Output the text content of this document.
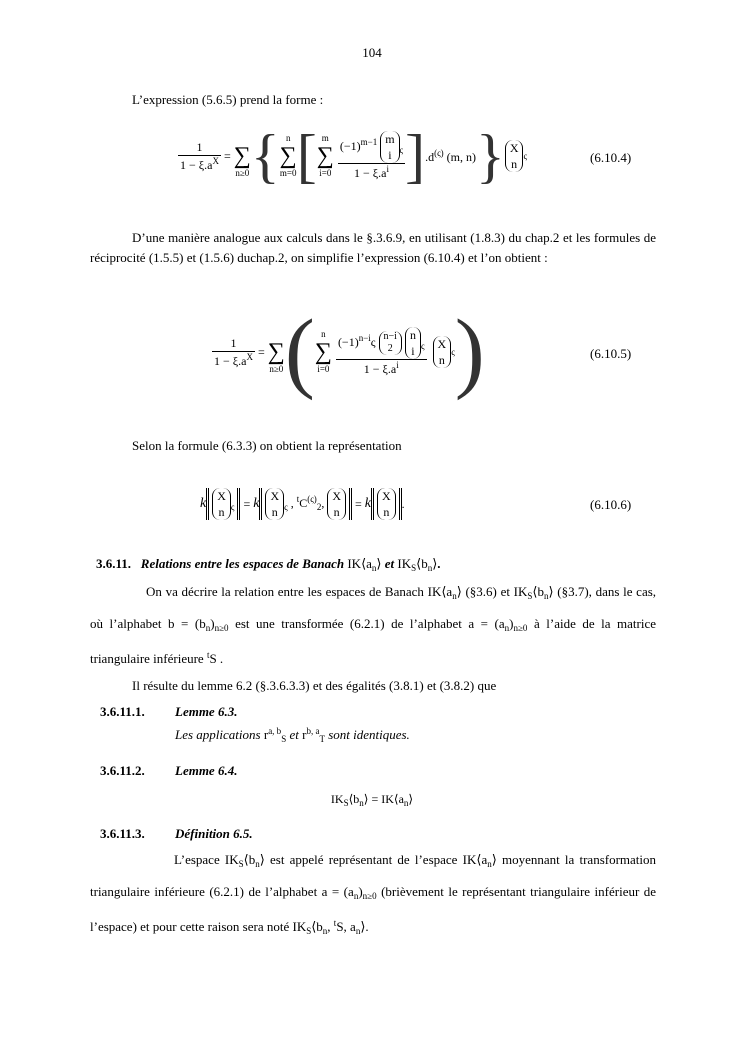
104
L’expression (5.6.5) prend la forme :
$\frac{1}{1 - \xi.a^X}$ =
∑
n≥0 { n
∑
m=0 [ m
∑
i=0
$(-1)^{m-1}$ m
i $_\varsigma$
$1 - \xi.a^i$ ] $.d^{(\varsigma)}$ (m, n) } X
n
ς	(6.10.4)
D’une manière analogue aux calculs dans le §.3.6.9, en utilisant (1.8.3) du chap.2 et les formules de réciprocité (1.5.5) et (1.5.6) duchap.2, on simplifie l’expression (6.10.4) et l’on obtient :
$\frac{1}{1 - \xi.a^X}$ =
∑
n≥0 ( n
∑
i=0
$(-1)^{n-i}\varsigma$ n−i
2 n
i $_\varsigma$
$1 - \xi.a^i$
X
n
ς )	(6.10.5)
Selon la formule (6.3.3) on obtient la représentation
k X
n $_\varsigma$ = k X
n $_\varsigma$ , $^tC^{(\varsigma)}_2$, X
n
= k X
n
.	(6.10.6)
3.6.11. Relations entre les espaces de Banach $IK⟨a_n⟩$ et $IK_S⟨b_n⟩$.
On va décrire la relation entre les espaces de Banach $IK⟨a_n⟩$ (§3.6) et $IK_S⟨b_n⟩$ (§3.7), dans le cas, où l’alphabet $b = (b_n)_{n\ge 0}$ est une transformée (6.2.1) de l’alphabet $a = (a_n)_{n\ge 0}$ à l’aide de la matrice triangulaire inférieure $^t$S .
Il résulte du lemme 6.2 (§.3.6.3.3) et des égalités (3.8.1) et (3.8.2) que
3.6.11.1. Lemme 6.3.
Les applications $r^{a, b}_S$ et $r^{b, a}_T$ sont identiques.
3.6.11.2. Lemme 6.4.
$IK_S⟨b_n⟩$ = $IK⟨a_n⟩$
3.6.11.3. Définition 6.5.
L’espace $IK_S⟨b_n⟩$ est appelé représentant de l’espace $IK⟨a_n⟩$ moyennant la transformation triangulaire inférieure (6.2.1) de l’alphabet $a = (a_n)_{n\ge 0}$ (brièvement le représentant triangulaire inférieur de l’espace) et pour cette raison sera noté $IK_S⟨b_n$, $^t$S, $a_n⟩$.
